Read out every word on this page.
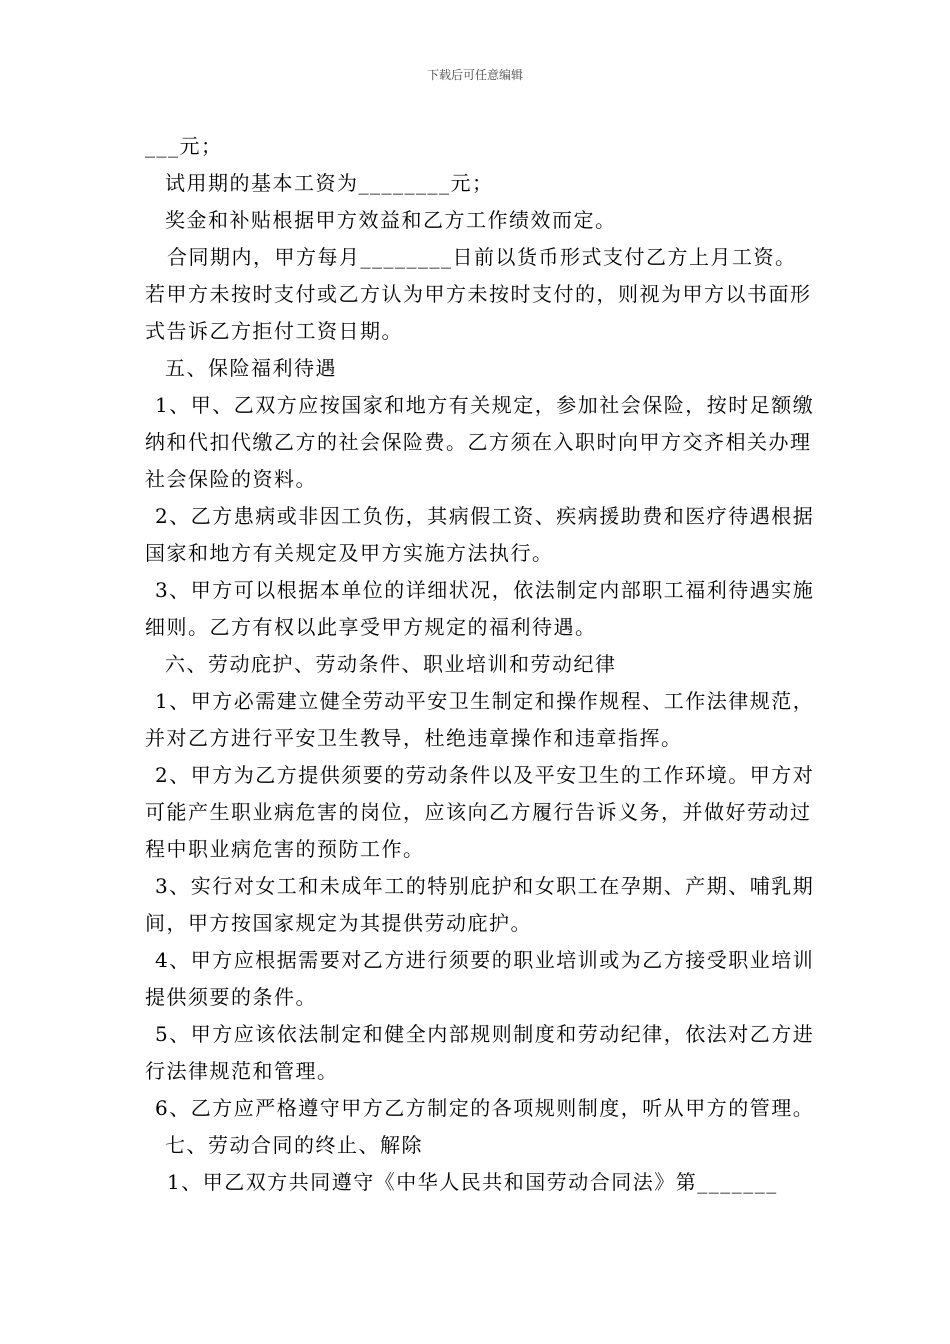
下载后可任意编辑

___元；

试用期的基本工资为________元；

奖金和补贴根据甲方效益和乙方工作绩效而定。

合同期内，甲方每月________日前以货币形式支付乙方上月工资。若甲方未按时支付或乙方认为甲方未按时支付的，则视为甲方以书面形式告诉乙方拒付工资日期。

五、保险福利待遇

1、甲、乙双方应按国家和地方有关规定，参加社会保险，按时足额缴纳和代扣代缴乙方的社会保险费。乙方须在入职时向甲方交齐相关办理社会保险的资料。

2、乙方患病或非因工负伤，其病假工资、疾病援助费和医疗待遇根据国家和地方有关规定及甲方实施方法执行。

3、甲方可以根据本单位的详细状况，依法制定内部职工福利待遇实施细则。乙方有权以此享受甲方规定的福利待遇。

六、劳动庇护、劳动条件、职业培训和劳动纪律

1、甲方必需建立健全劳动平安卫生制定和操作规程、工作法律规范，并对乙方进行平安卫生教导，杜绝违章操作和违章指挥。

2、甲方为乙方提供须要的劳动条件以及平安卫生的工作环境。甲方对可能产生职业病危害的岗位，应该向乙方履行告诉义务，并做好劳动过程中职业病危害的预防工作。

3、实行对女工和未成年工的特别庇护和女职工在孕期、产期、哺乳期间，甲方按国家规定为其提供劳动庇护。

4、甲方应根据需要对乙方进行须要的职业培训或为乙方接受职业培训提供须要的条件。

5、甲方应该依法制定和健全内部规则制度和劳动纪律，依法对乙方进行法律规范和管理。

6、乙方应严格遵守甲方乙方制定的各项规则制度，听从甲方的管理。

七、劳动合同的终止、解除

1、甲乙双方共同遵守《中华人民共和国劳动合同法》第_______
